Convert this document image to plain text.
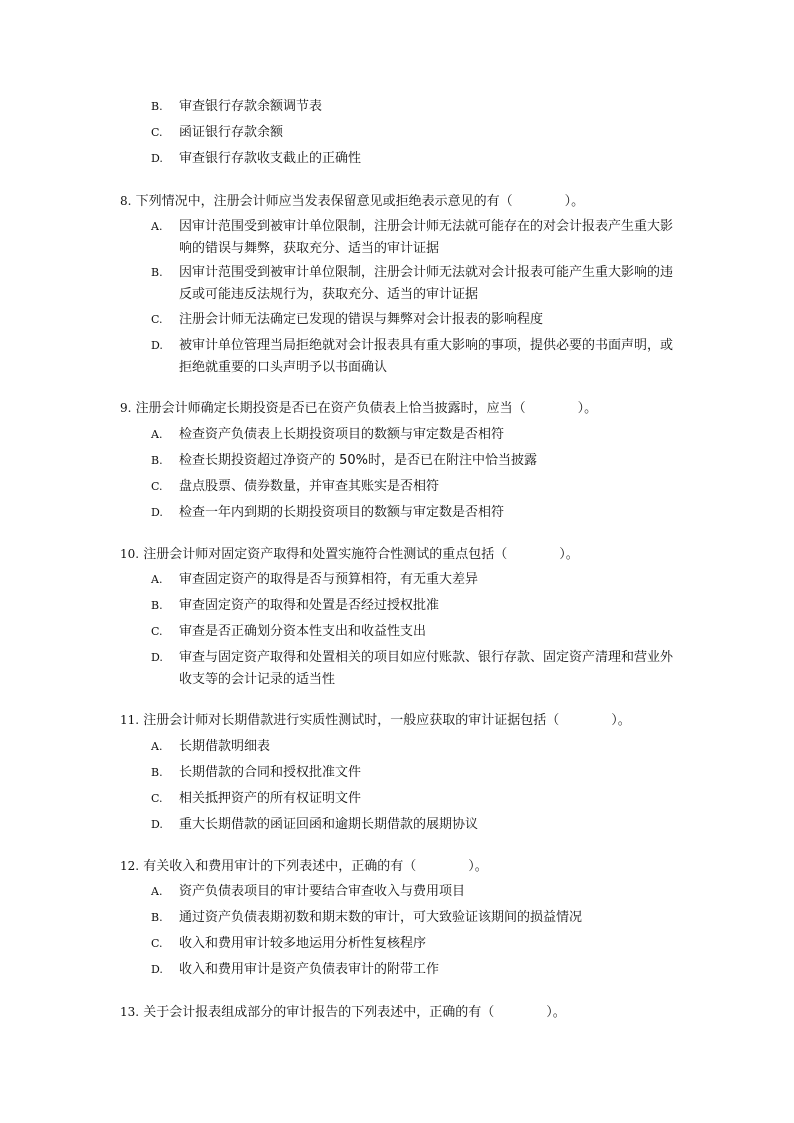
B. 审查银行存款余额调节表
C. 函证银行存款余额
D. 审查银行存款收支截止的正确性
8. 下列情况中，注册会计师应当发表保留意见或拒绝表示意见的有（　　　　）。
A. 因审计范围受到被审计单位限制，注册会计师无法就可能存在的对会计报表产生重大影响的错误与舞弊，获取充分、适当的审计证据
B. 因审计范围受到被审计单位限制，注册会计师无法就对会计报表可能产生重大影响的违反或可能违反法规行为，获取充分、适当的审计证据
C. 注册会计师无法确定已发现的错误与舞弊对会计报表的影响程度
D. 被审计单位管理当局拒绝就对会计报表具有重大影响的事项，提供必要的书面声明，或拒绝就重要的口头声明予以书面确认
9. 注册会计师确定长期投资是否已在资产负债表上恰当披露时，应当（　　　　）。
A. 检查资产负债表上长期投资项目的数额与审定数是否相符
B. 检查长期投资超过净资产的 50%时，是否已在附注中恰当披露
C. 盘点股票、债券数量，并审查其账实是否相符
D. 检查一年内到期的长期投资项目的数额与审定数是否相符
10. 注册会计师对固定资产取得和处置实施符合性测试的重点包括（　　　　）。
A. 审查固定资产的取得是否与预算相符，有无重大差异
B. 审查固定资产的取得和处置是否经过授权批准
C. 审查是否正确划分资本性支出和收益性支出
D. 审查与固定资产取得和处置相关的项目如应付账款、银行存款、固定资产清理和营业外收支等的会计记录的适当性
11. 注册会计师对长期借款进行实质性测试时，一般应获取的审计证据包括（　　　　）。
A. 长期借款明细表
B. 长期借款的合同和授权批准文件
C. 相关抵押资产的所有权证明文件
D. 重大长期借款的函证回函和逾期长期借款的展期协议
12. 有关收入和费用审计的下列表述中，正确的有（　　　　）。
A. 资产负债表项目的审计要结合审查收入与费用项目
B. 通过资产负债表期初数和期末数的审计，可大致验证该期间的损益情况
C. 收入和费用审计较多地运用分析性复核程序
D. 收入和费用审计是资产负债表审计的附带工作
13. 关于会计报表组成部分的审计报告的下列表述中，正确的有（　　　　）。
